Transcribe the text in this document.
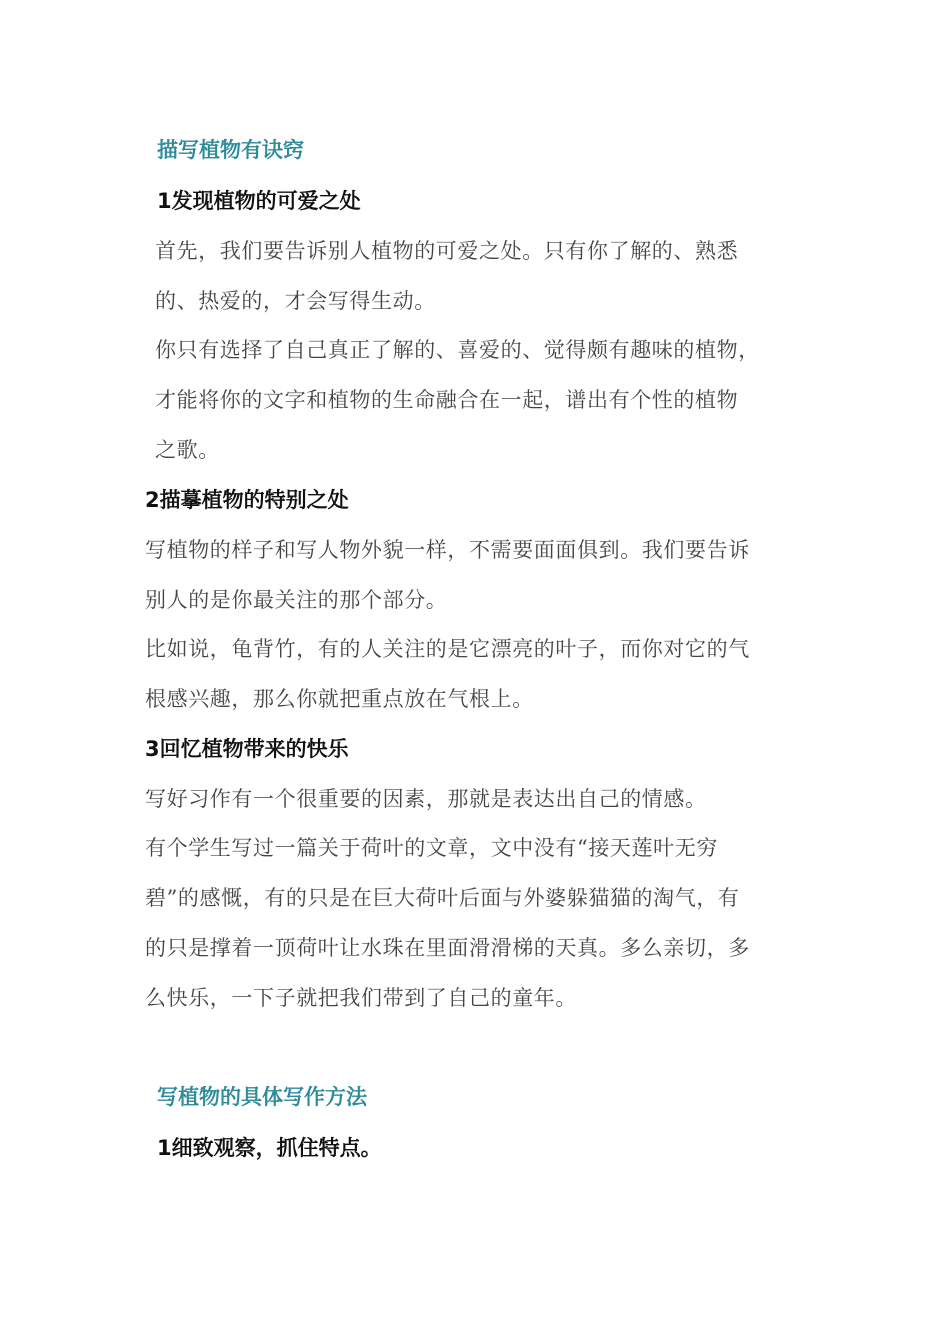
描写植物有诀窍
1发现植物的可爱之处
首先，我们要告诉别人植物的可爱之处。只有你了解的、熟悉
的、热爱的，才会写得生动。
你只有选择了自己真正了解的、喜爱的、觉得颇有趣味的植物，
才能将你的文字和植物的生命融合在一起，谱出有个性的植物
之歌。
2描摹植物的特别之处
写植物的样子和写人物外貌一样，不需要面面俱到。我们要告诉
别人的是你最关注的那个部分。
比如说，龟背竹，有的人关注的是它漂亮的叶子，而你对它的气
根感兴趣，那么你就把重点放在气根上。
3回忆植物带来的快乐
写好习作有一个很重要的因素，那就是表达出自己的情感。
有个学生写过一篇关于荷叶的文章，文中没有“接天莲叶无穷
碧”的感慨，有的只是在巨大荷叶后面与外婆躲猫猫的淘气，有
的只是撑着一顶荷叶让水珠在里面滑滑梯的天真。多么亲切，多
么快乐，一下子就把我们带到了自己的童年。
写植物的具体写作方法
1细致观察，抓住特点。
